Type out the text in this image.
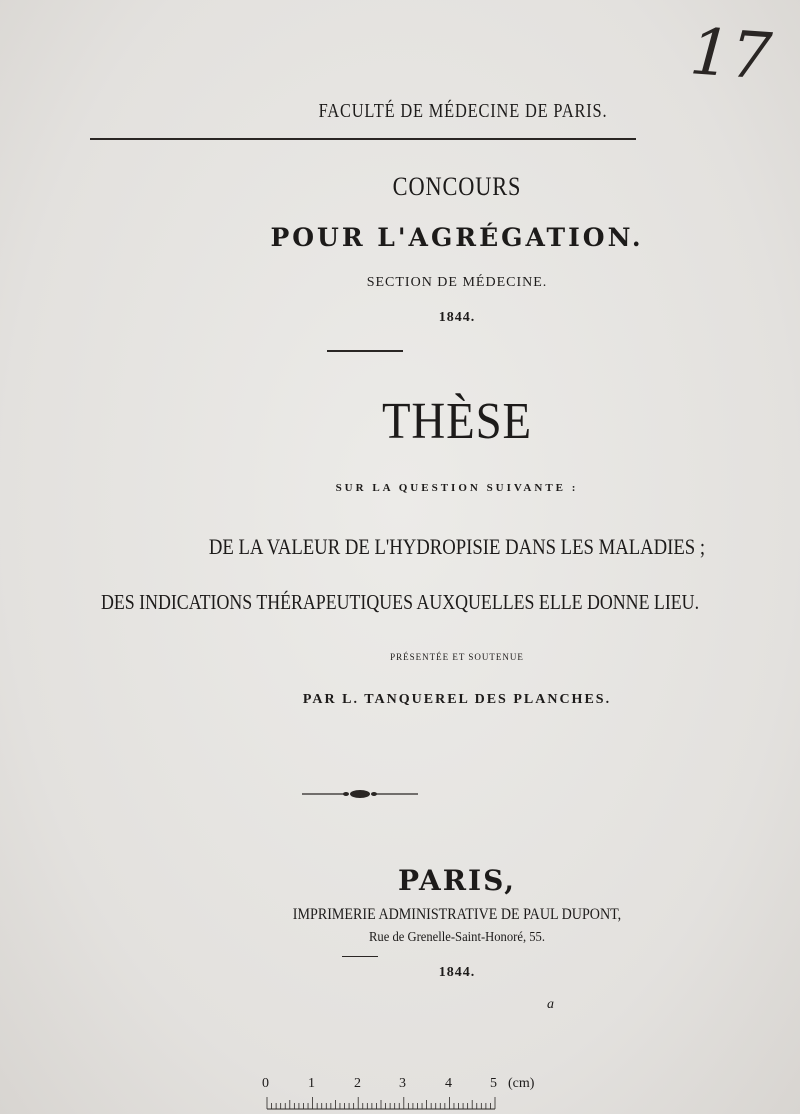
17
FACULTÉ DE MÉDECINE DE PARIS.
CONCOURS
POUR L'AGRÉGATION.
SECTION DE MÉDECINE.
1844.
THÈSE
SUR LA QUESTION SUIVANTE :
DE LA VALEUR DE L'HYDROPISIE DANS LES MALADIES ;
DES INDICATIONS THÉRAPEUTIQUES AUXQUELLES ELLE DONNE LIEU.
PRÉSENTÉE ET SOUTENUE
PAR L. TANQUEREL DES PLANCHES.
PARIS,
IMPRIMERIE ADMINISTRATIVE DE PAUL DUPONT,
Rue de Grenelle-Saint-Honoré, 55.
1844.
a
0	1	2	3	4	5 (cm)
